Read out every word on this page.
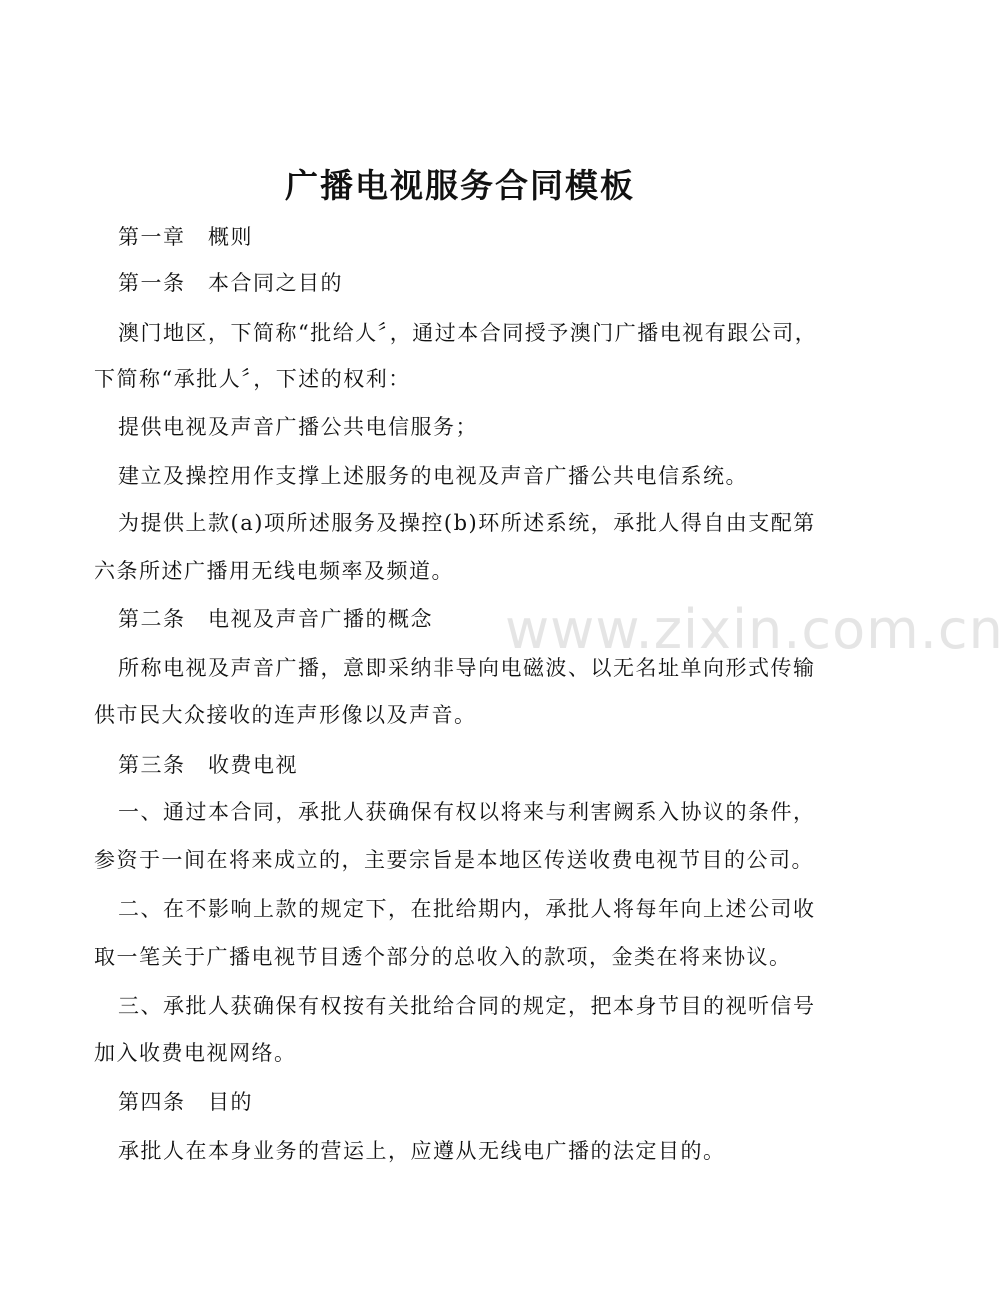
广播电视服务合同模板
第一章　概则
第一条　本合同之目的
澳门地区，下简称“批给人〞，通过本合同授予澳门广播电视有跟公司，
下简称“承批人〞，下述的权利：
提供电视及声音广播公共电信服务；
建立及操控用作支撑上述服务的电视及声音广播公共电信系统。
为提供上款(a)项所述服务及操控(b)环所述系统，承批人得自由支配第
六条所述广播用无线电频率及频道。
第二条　电视及声音广播的概念
所称电视及声音广播，意即采纳非导向电磁波、以无名址单向形式传输
供市民大众接收的连声形像以及声音。
第三条　收费电视
一、通过本合同，承批人获确保有权以将来与利害阙系入协议的条件，
参资于一间在将来成立的，主要宗旨是本地区传送收费电视节目的公司。
二、在不影响上款的规定下，在批给期内，承批人将每年向上述公司收
取一笔关于广播电视节目透个部分的总收入的款项，金类在将来协议。
三、承批人获确保有权按有关批给合同的规定，把本身节目的视听信号
加入收费电视网络。
第四条　目的
承批人在本身业务的营运上，应遵从无线电广播的法定目的。
www.zixin.com.cn
